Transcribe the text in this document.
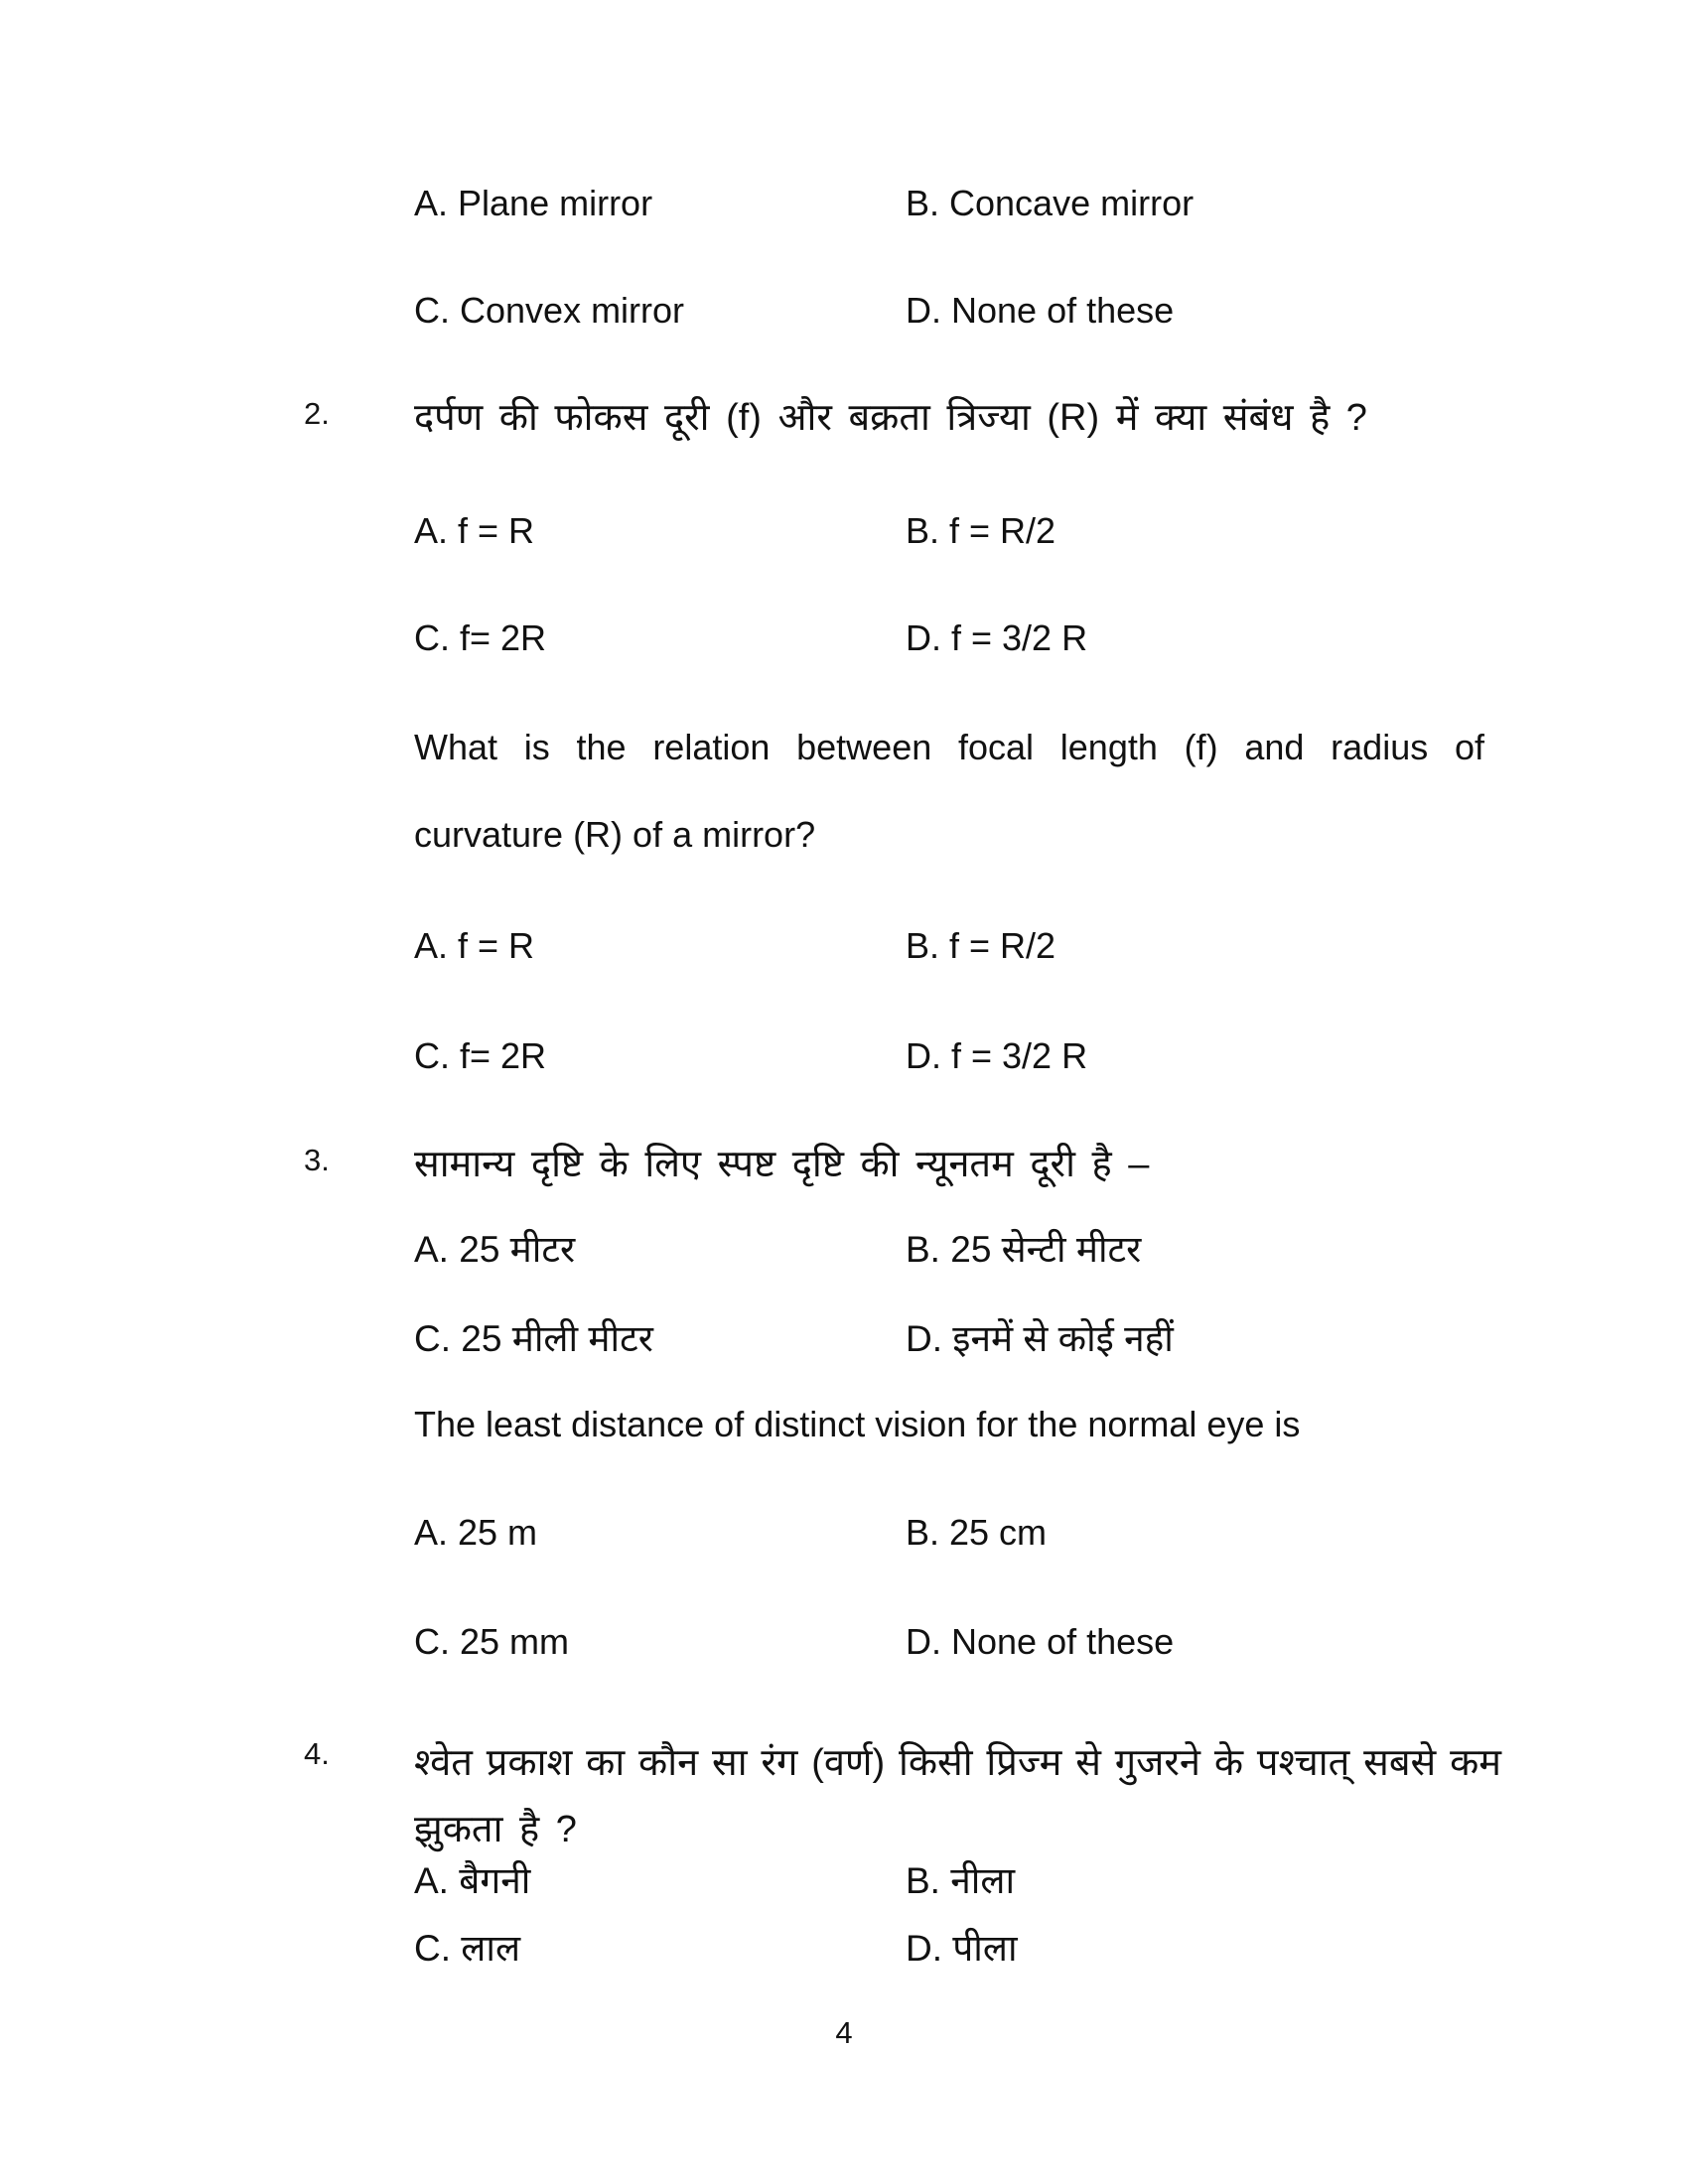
A. Plane mirror	B. Concave mirror
C. Convex mirror	D. None of these
2. दर्पण की फोकस दूरी (f) और बक्रता त्रिज्या (R) में क्या संबंध है ?
A. f = R	B. f = R/2
C. f= 2R	D. f = 3/2 R
What is the relation between focal length (f) and radius of
curvature (R) of a mirror?
A. f = R	B. f = R/2
C. f= 2R	D. f = 3/2 R
3. सामान्य दृष्टि के लिए स्पष्ट दृष्टि की न्यूनतम दूरी है –
A. 25 मीटर	B. 25 सेन्टी मीटर
C. 25 मीली मीटर	D. इनमें से कोई नहीं
The least distance of distinct vision for the normal eye is
A. 25 m	B. 25 cm
C. 25 mm	D. None of these
4. श्वेत प्रकाश का कौन सा रंग (वर्ण) किसी प्रिज्म से गुजरने के पश्चात् सबसे कम
झुकता है ?
A. बैगनी	B. नीला
C. लाल	D. पीला
4
